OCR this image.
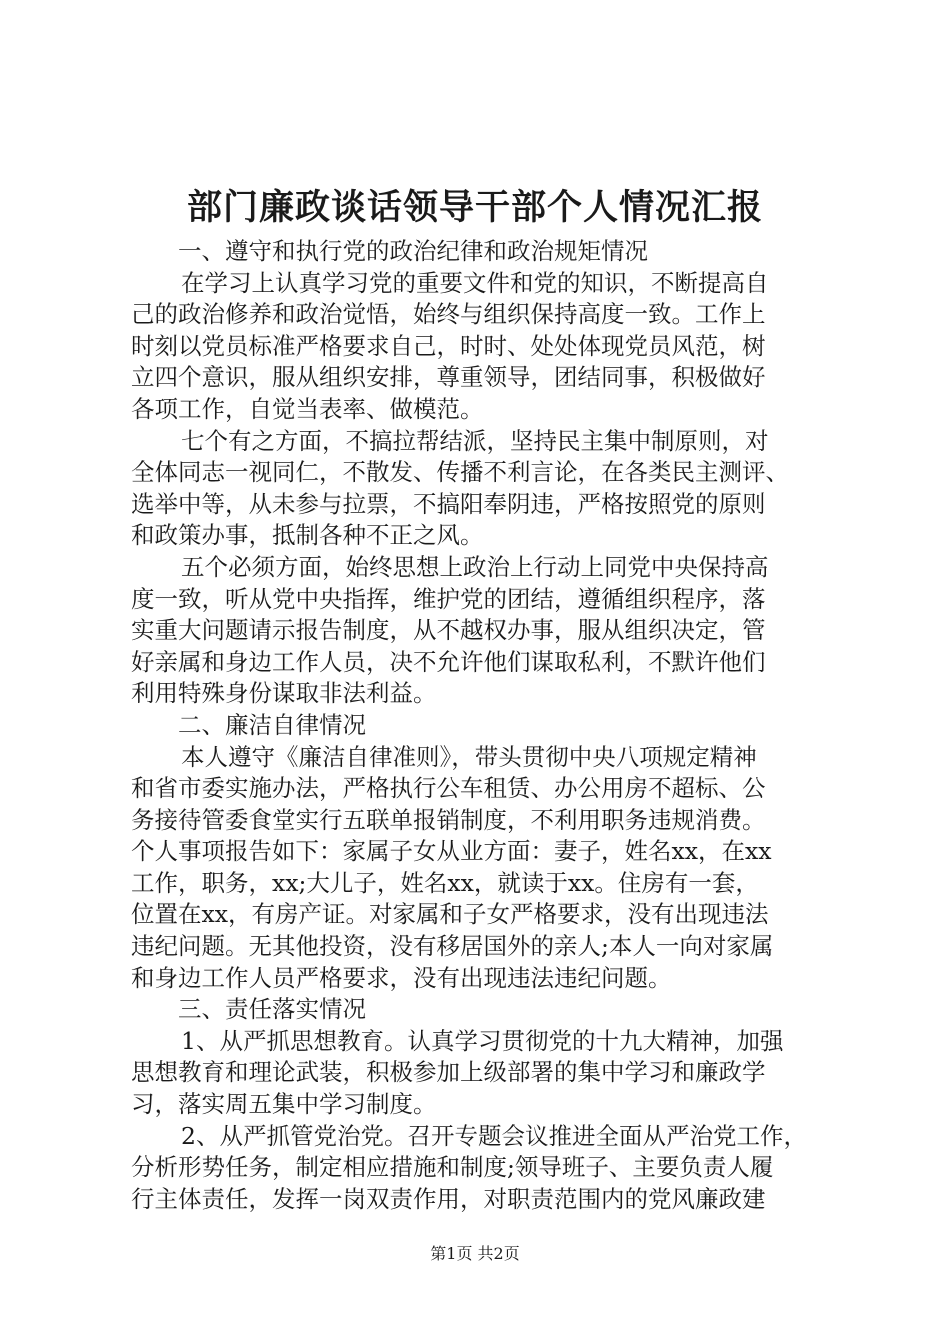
部门廉政谈话领导干部个人情况汇报
一、遵守和执行党的政治纪律和政治规矩情况
在学习上认真学习党的重要文件和党的知识，不断提高自
己的政治修养和政治觉悟，始终与组织保持高度一致。工作上
时刻以党员标准严格要求自己，时时、处处体现党员风范，树
立四个意识，服从组织安排，尊重领导，团结同事，积极做好
各项工作，自觉当表率、做模范。
七个有之方面，不搞拉帮结派，坚持民主集中制原则，对
全体同志一视同仁，不散发、传播不利言论，在各类民主测评、
选举中等，从未参与拉票，不搞阳奉阴违，严格按照党的原则
和政策办事，抵制各种不正之风。
五个必须方面，始终思想上政治上行动上同党中央保持高
度一致，听从党中央指挥，维护党的团结，遵循组织程序，落
实重大问题请示报告制度，从不越权办事，服从组织决定，管
好亲属和身边工作人员，决不允许他们谋取私利，不默许他们
利用特殊身份谋取非法利益。
二、廉洁自律情况
本人遵守《廉洁自律准则》，带头贯彻中央八项规定精神
和省市委实施办法，严格执行公车租赁、办公用房不超标、公
务接待管委食堂实行五联单报销制度，不利用职务违规消费。
个人事项报告如下：家属子女从业方面：妻子，姓名xx，在xx
工作，职务，xx;大儿子，姓名xx，就读于xx。住房有一套，
位置在xx，有房产证。对家属和子女严格要求，没有出现违法
违纪问题。无其他投资，没有移居国外的亲人;本人一向对家属
和身边工作人员严格要求，没有出现违法违纪问题。
三、责任落实情况
1、从严抓思想教育。认真学习贯彻党的十九大精神，加强
思想教育和理论武装，积极参加上级部署的集中学习和廉政学
习，落实周五集中学习制度。
2、从严抓管党治党。召开专题会议推进全面从严治党工作，
分析形势任务，制定相应措施和制度;领导班子、主要负责人履
行主体责任，发挥一岗双责作用，对职责范围内的党风廉政建
第1页 共2页
